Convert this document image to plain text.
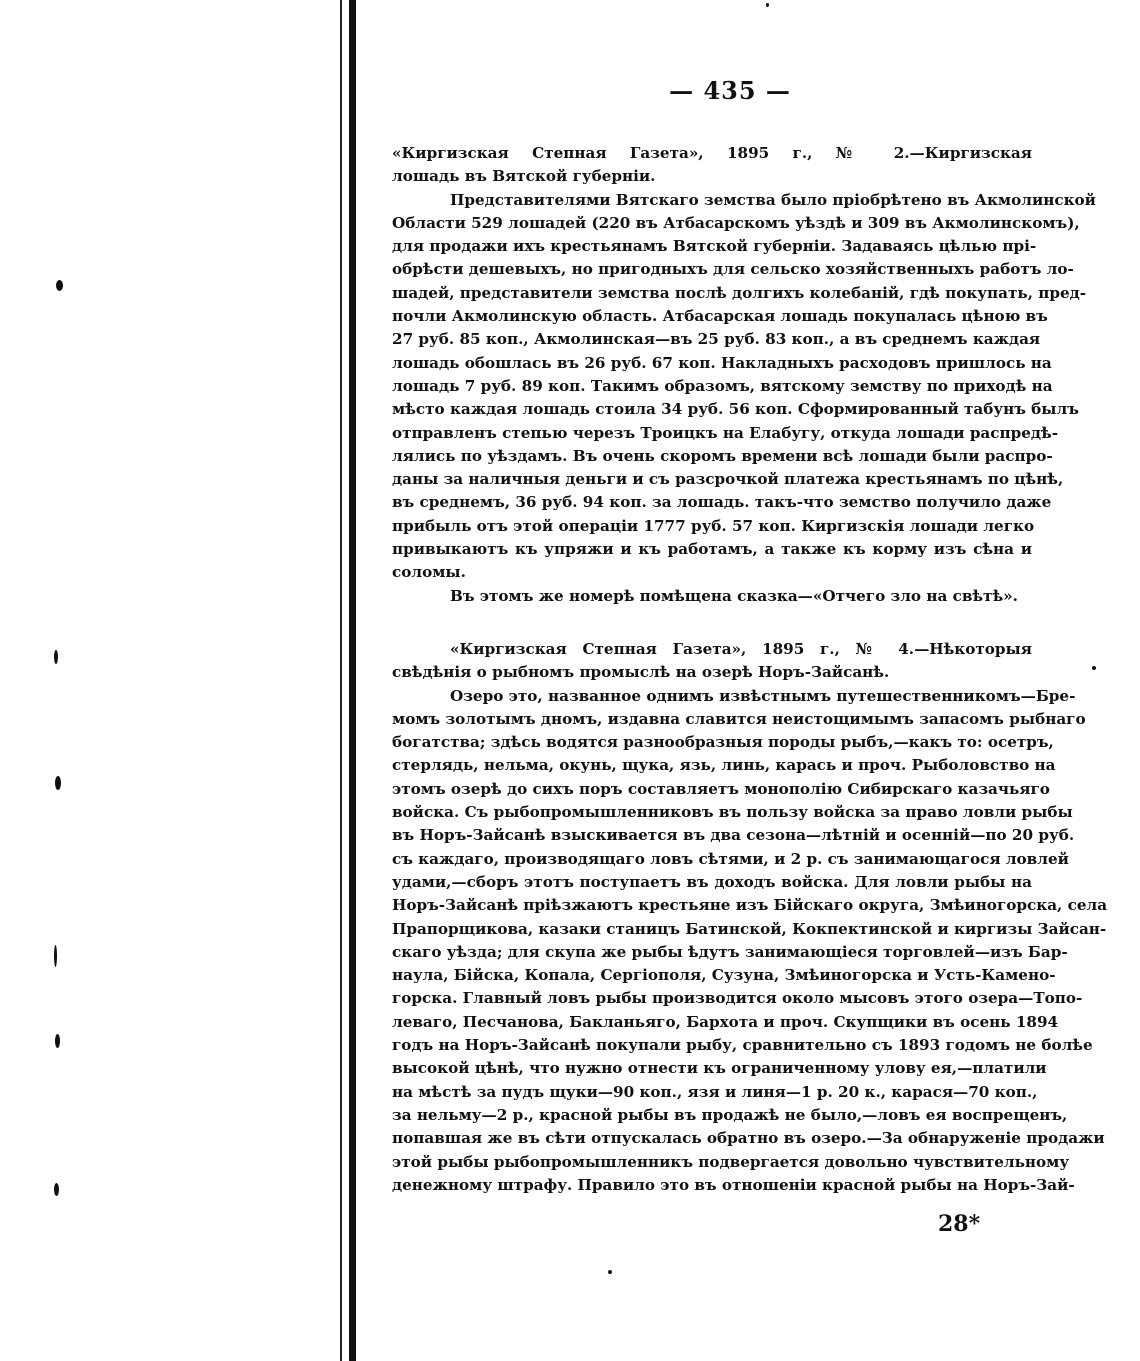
— 435 —
«Киргизская Степная Газета», 1895 г., № 2.—Киргизская
лошадь въ Вятской губерніи.
Представителями Вятскаго земства было пріобрѣтено въ Акмолинской
Области 529 лошадей (220 въ Атбасарскомъ уѣздѣ и 309 въ Акмолинскомъ),
для продажи ихъ крестьянамъ Вятской губерніи. Задаваясь цѣлью прі-
обрѣсти дешевыхъ, но пригодныхъ для сельско хозяйственныхъ работъ ло-
шадей, представители земства послѣ долгихъ колебаній, гдѣ покупать, пред-
почли Акмолинскую область. Атбасарская лошадь покупалась цѣною въ
27 руб. 85 коп., Акмолинская—въ 25 руб. 83 коп., а въ среднемъ каждая
лошадь обошлась въ 26 руб. 67 коп. Накладныхъ расходовъ пришлось на
лошадь 7 руб. 89 коп. Такимъ образомъ, вятскому земству по приходѣ на
мѣсто каждая лошадь стоила 34 руб. 56 коп. Сформированный табунъ былъ
отправленъ степью черезъ Троицкъ на Елабугу, откуда лошади распредѣ-
лялись по уѣздамъ. Въ очень скоромъ времени всѣ лошади были распро-
даны за наличныя деньги и съ разсрочкой платежа крестьянамъ по цѣнѣ,
въ среднемъ, 36 руб. 94 коп. за лошадь. такъ-что земство получило даже
прибыль отъ этой операціи 1777 руб. 57 коп. Киргизскія лошади легко
привыкаютъ къ упряжи и къ работамъ, а также къ корму изъ сѣна и
соломы.
Въ этомъ же номерѣ помѣщена сказка—«Отчего зло на свѣтѣ».
«Киргизская Степная Газета», 1895 г., № 4.—Нѣкоторыя
свѣдѣнія о рыбномъ промыслѣ на озерѣ Норъ-Зайсанѣ.
Озеро это, названное однимъ извѣстнымъ путешественникомъ—Бре-
момъ золотымъ дномъ, издавна славится неистощимымъ запасомъ рыбнаго
богатства; здѣсь водятся разнообразныя породы рыбъ,—какъ то: осетръ,
стерлядь, нельма, окунь, щука, язь, линь, карась и проч. Рыболовство на
этомъ озерѣ до сихъ поръ составляетъ монополію Сибирскаго казачьяго
войска. Съ рыбопромышленниковъ въ пользу войска за право ловли рыбы
въ Норъ-Зайсанѣ взыскивается въ два сезона—лѣтній и осенній—по 20 руб.
съ каждаго, производящаго ловъ сѣтями, и 2 р. съ занимающагося ловлей
удами,—сборъ этотъ поступаетъ въ доходъ войска. Для ловли рыбы на
Норъ-Зайсанѣ пріѣзжаютъ крестьяне изъ Бійскаго округа, Змѣиногорска, села
Прапорщикова, казаки станицъ Батинской, Кокпектинской и киргизы Зайсан-
скаго уѣзда; для скупа же рыбы ѣдутъ занимающіеся торговлей—изъ Бар-
наула, Бійска, Копала, Сергіополя, Сузуна, Змѣиногорска и Усть-Камено-
горска. Главный ловъ рыбы производится около мысовъ этого озера—Топо-
леваго, Песчанова, Бакланьяго, Бархота и проч. Скупщики въ осень 1894
годъ на Норъ-Зайсанѣ покупали рыбу, сравнительно съ 1893 годомъ не болѣе
высокой цѣнѣ, что нужно отнести къ ограниченному улову ея,—платили
на мѣстѣ за пудъ щуки—90 коп., язя и линя—1 р. 20 к., карася—70 коп.,
за нельму—2 р., красной рыбы въ продажѣ не было,—ловъ ея воспрещенъ,
попавшая же въ сѣти отпускалась обратно въ озеро.—За обнаруженіе продажи
этой рыбы рыбопромышленникъ подвергается довольно чувствительному
денежному штрафу. Правило это въ отношеніи красной рыбы на Норъ-Зай-
28*
